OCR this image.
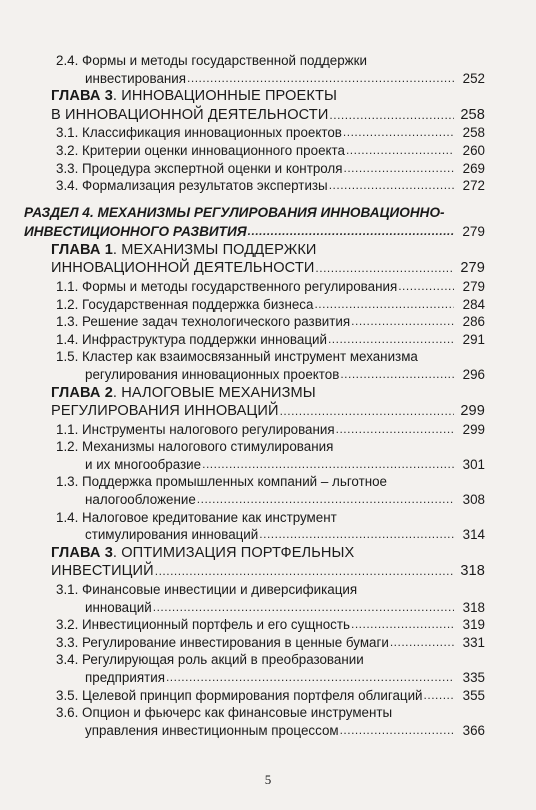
2.4. Формы и методы государственной поддержки
инвестирования .....	252
ГЛАВА 3. ИННОВАЦИОННЫЕ ПРОЕКТЫ
В ИННОВАЦИОННОЙ ДЕЯТЕЛЬНОСТИ .....	258
3.1. Классификация инновационных проектов .....	258
3.2. Критерии оценки инновационного проекта .....	260
3.3. Процедура экспертной оценки и контроля .....	269
3.4. Формализация результатов экспертизы .....	272
РАЗДЕЛ 4. МЕХАНИЗМЫ РЕГУЛИРОВАНИЯ ИННОВАЦИОННО-
ИНВЕСТИЦИОННОГО РАЗВИТИЯ .....	279
ГЛАВА 1. МЕХАНИЗМЫ ПОДДЕРЖКИ
ИННОВАЦИОННОЙ ДЕЯТЕЛЬНОСТИ .....	279
1.1. Формы и методы государственного регулирования .....	279
1.2. Государственная поддержка бизнеса .....	284
1.3. Решение задач технологического развития .....	286
1.4. Инфраструктура поддержки инноваций .....	291
1.5. Кластер как взаимосвязанный инструмент механизма
регулирования инновационных проектов .....	296
ГЛАВА 2. НАЛОГОВЫЕ МЕХАНИЗМЫ
РЕГУЛИРОВАНИЯ ИННОВАЦИЙ .....	299
1.1. Инструменты налогового регулирования .....	299
1.2. Механизмы налогового стимулирования
и их многообразие .....	301
1.3. Поддержка промышленных компаний – льготное
налогообложение .....	308
1.4. Налоговое кредитование как инструмент
стимулирования инноваций .....	314
ГЛАВА 3. ОПТИМИЗАЦИЯ ПОРТФЕЛЬНЫХ
ИНВЕСТИЦИЙ .....	318
3.1. Финансовые инвестиции и диверсификация
инноваций .....	318
3.2. Инвестиционный портфель и его сущность .....	319
3.3. Регулирование инвестирования в ценные бумаги .....	331
3.4. Регулирующая роль акций в преобразовании
предприятия .....	335
3.5. Целевой принцип формирования портфеля облигаций .....	355
3.6. Опцион и фьючерс как финансовые инструменты
управления инвестиционным процессом .....	366
5
